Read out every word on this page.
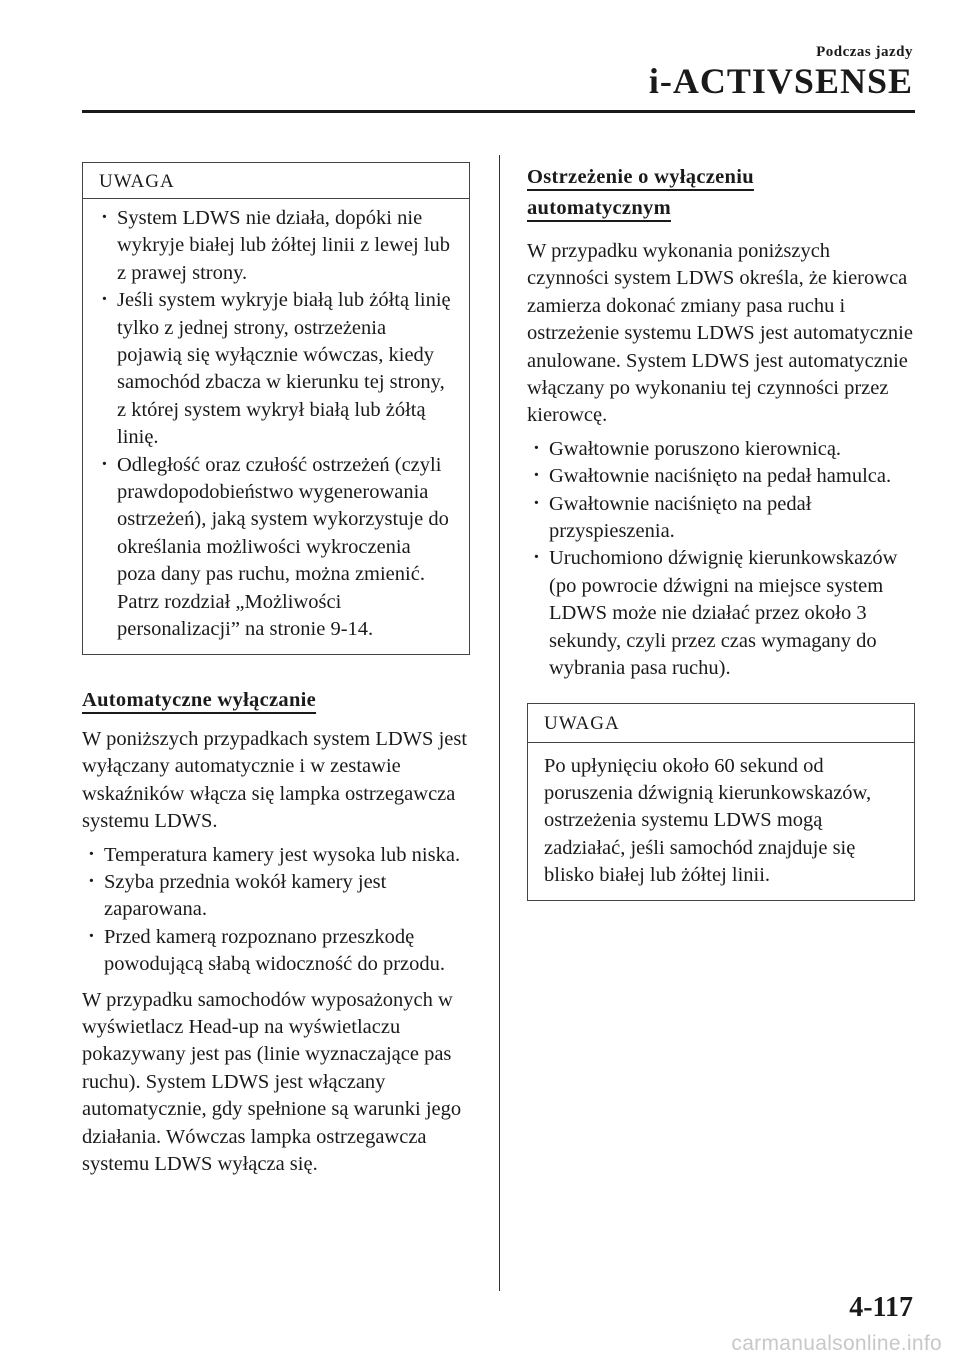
Podczas jazdy
i-ACTIVSENSE
UWAGA
· System LDWS nie działa, dopóki nie wykryje białej lub żółtej linii z lewej lub z prawej strony.
· Jeśli system wykryje białą lub żółtą linię tylko z jednej strony, ostrzeżenia pojawią się wyłącznie wówczas, kiedy samochód zbacza w kierunku tej strony, z której system wykrył białą lub żółtą linię.
· Odległość oraz czułość ostrzeżeń (czyli prawdopodobieństwo wygenerowania ostrzeżeń), jaką system wykorzystuje do określania możliwości wykroczenia poza dany pas ruchu, można zmienić.
Patrz rozdział „Możliwości personalizacji” na stronie 9-14.
Automatyczne wyłączanie

W poniższych przypadkach system LDWS jest wyłączany automatycznie i w zestawie wskaźników włącza się lampka ostrzegawcza systemu LDWS.

· Temperatura kamery jest wysoka lub niska.
· Szyba przednia wokół kamery jest zaparowana.
· Przed kamerą rozpoznano przeszkodę powodującą słabą widoczność do przodu.

W przypadku samochodów wyposażonych w wyświetlacz Head-up na wyświetlaczu pokazywany jest pas (linie wyznaczające pas ruchu). System LDWS jest włączany automatycznie, gdy spełnione są warunki jego działania. Wówczas lampka ostrzegawcza systemu LDWS wyłącza się.

Ostrzeżenie o wyłączeniu
automatycznym

W przypadku wykonania poniższych czynności system LDWS określa, że kierowca zamierza dokonać zmiany pasa ruchu i ostrzeżenie systemu LDWS jest automatycznie anulowane. System LDWS jest automatycznie włączany po wykonaniu tej czynności przez kierowcę.

· Gwałtownie poruszono kierownicą.
· Gwałtownie naciśnięto na pedał hamulca.
· Gwałtownie naciśnięto na pedał przyspieszenia.
· Uruchomiono dźwignię kierunkowskazów (po powrocie dźwigni na miejsce system LDWS może nie działać przez około 3 sekundy, czyli przez czas wymagany do wybrania pasa ruchu).
UWAGA
Po upłynięciu około 60 sekund od poruszenia dźwignią kierunkowskazów, ostrzeżenia systemu LDWS mogą zadziałać, jeśli samochód znajduje się blisko białej lub żółtej linii.
4-117
carmanualsonline.info
